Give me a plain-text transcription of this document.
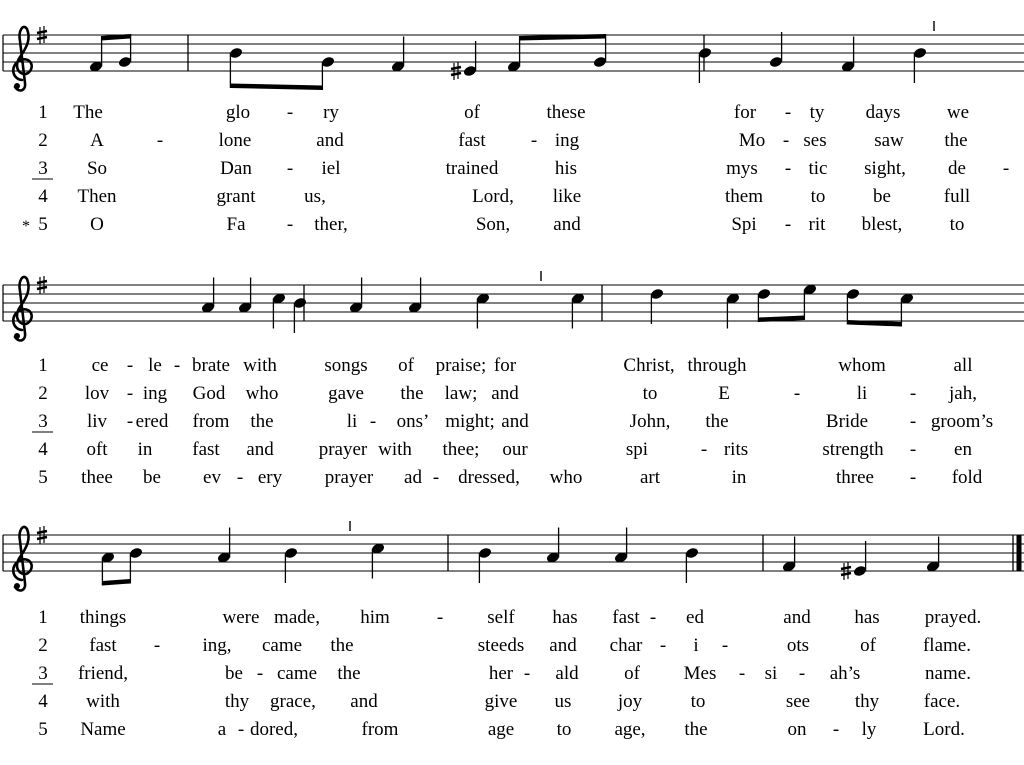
1 The	glo - ry	of	these	for - ty days we
2 A	-	lone	and	fast - ing	Mo - ses	saw the
3 So	Dan - iel	trained	his	mys - tic sight, de -
4 Then	grant	us,	Lord, like	them	to	be	full
5
*	O	Fa - ther,	Son, and	Spi - rit blest, to
1 ce - le - brate with songs of praise; for	Christ, through	whom	all
2 lov - ing God who	gave the law; and	to	E	-	li - jah,
3 liv - ered from the	li - ons’ might; and	John, the	Bride - groom’s
4 oft in fast and prayer with thee; our	spi	- rits	strength - en
5 thee be ev - ery prayer ad - dressed, who	art	in	three - fold
1 things	were made, him - self has fast - ed	and has prayed.
2 fast - ing, came the	steeds and char - i -	ots	of flame.
3 friend,	be - came the	her - ald of Mes - si - ah’s	name.
4 with	thy grace, and	give us joy	to	see thy face.
5 Name	a - dored,	from	age to age, the	on - ly Lord.
